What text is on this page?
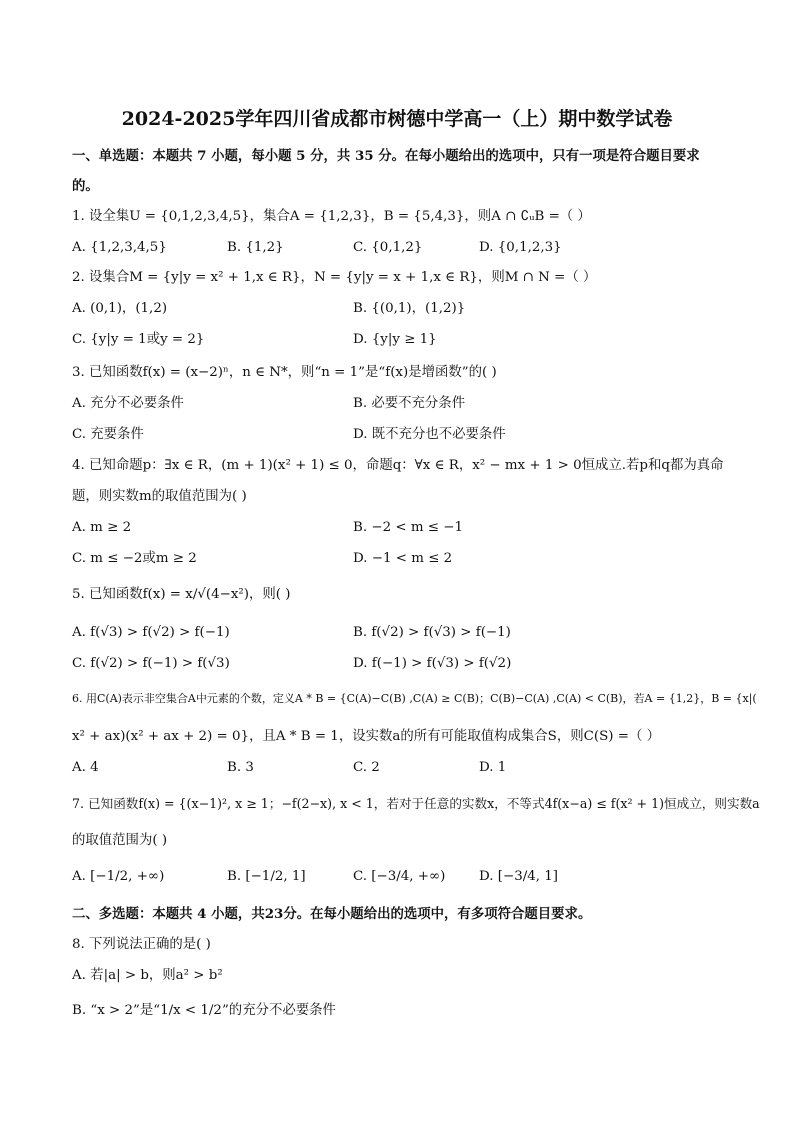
2024-2025学年四川省成都市树德中学高一（上）期中数学试卷
一、单选题：本题共 7 小题，每小题 5 分，共 35 分。在每小题给出的选项中，只有一项是符合题目要求
的。
1. 设全集U = {0,1,2,3,4,5}，集合A = {1,2,3}，B = {5,4,3}，则A ∩ ∁ᵤB =（ ）
A. {1,2,3,4,5}	B. {1,2}	C. {0,1,2}	D. {0,1,2,3}
2. 设集合M = {y|y = x² + 1,x ∈ R}，N = {y|y = x + 1,x ∈ R}，则M ∩ N =（ ）
A. (0,1)，(1,2)	B. {(0,1)，(1,2)}
C. {y|y = 1或y = 2}	D. {y|y ≥ 1}
3. 已知函数f(x) = (x−2)ⁿ，n ∈ N*，则“n = 1”是“f(x)是增函数”的( )
A. 充分不必要条件	B. 必要不充分条件
C. 充要条件	D. 既不充分也不必要条件
4. 已知命题p：∃x ∈ R，(m + 1)(x² + 1) ≤ 0，命题q：∀x ∈ R，x² − mx + 1 > 0恒成立.若p和q都为真命
题，则实数m的取值范围为( )
A. m ≥ 2	B. −2 < m ≤ −1
C. m ≤ −2或m ≥ 2	D. −1 < m ≤ 2
5. 已知函数f(x) = x/√(4−x²)，则( )
A. f(√3) > f(√2) > f(−1)	B. f(√2) > f(√3) > f(−1)
C. f(√2) > f(−1) > f(√3)	D. f(−1) > f(√3) > f(√2)
6. 用C(A)表示非空集合A中元素的个数，定义A * B = {C(A)−C(B) ,C(A) ≥ C(B)；C(B)−C(A) ,C(A) < C(B)，若A = {1,2}，B = {x|(
x² + ax)(x² + ax + 2) = 0}，且A * B = 1，设实数a的所有可能取值构成集合S，则C(S) =（ ）
A. 4	B. 3	C. 2	D. 1
7. 已知函数f(x) = {(x−1)², x ≥ 1；−f(2−x), x < 1，若对于任意的实数x，不等式4f(x−a) ≤ f(x² + 1)恒成立，则实数a
的取值范围为( )
A. [−1/2, +∞)	B. [−1/2, 1]	C. [−3/4, +∞)	D. [−3/4, 1]
二、多选题：本题共 4 小题，共23分。在每小题给出的选项中，有多项符合题目要求。
8. 下列说法正确的是( )
A. 若|a| > b，则a² > b²
B. “x > 2”是“1/x < 1/2”的充分不必要条件
